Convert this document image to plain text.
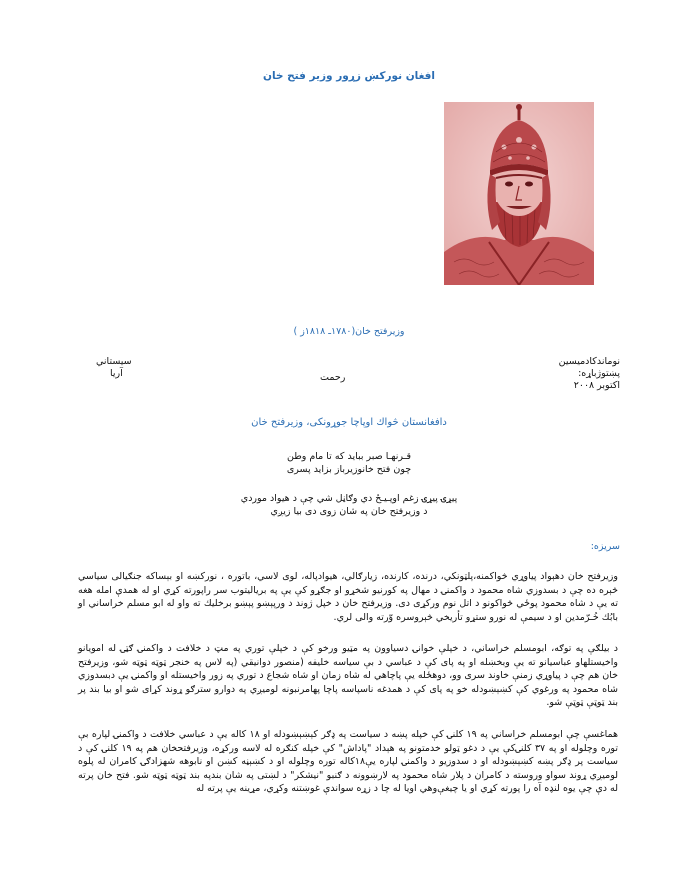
افغان نوركښ زړور وزير فتح خان
وزيرفتح خان(۱۷۸۰ـ ۱۸۱۸ز )
نوماندكادميسين
پښتوژباړه:
اكتوبر ۲۰۰۸
سيستاني
آريا	رحمت
دافغانستان څواك اوپاچا جوړونكى، وزيرفتح خان
قـرنهـا صبر ببايد كه تا مام وطن
چون فتح خانوزيرباز بزايد پسرى
پيړۍ پيړۍ زغم اوپـيـځ دي وګاڼل شي چې د هيواد موردي
د وزيرفتح خان په شان زوی دی بيا زيږي
سريزه:

وزيرفتح خان دهېواد پياوړي څواكمنه،پلټونكي، درنده، كارنده، زيارګالي، هيوادپاله، لوی لاسي، باتوره ، نوركښه او بېساكه جنګيالی سياسي څېره ده چې د بسدوزي شاه محمود د واكمنۍ د مهال په كورنيو شخړو او جګړو كې يې په بريالیتوب سر راپورته كړي او له همدې امله هغه ته يې د شاه محمود پوځي څواكونو د اتل نوم وركړی دی. وزيرفتح خان د خپل ژوند د ورپېښو پېښو برخليك ته واو له ابو مسلم خراساني او بابُك خُـرّمدين او د سيمې له نورو ستړو تأريخي څېروسره وّرته والی لري.

د بيلګې په توګه، ابومسلم خراساني، د خپلې خوانۍ دسياوون په مټيو ورخو كې د خپلې توري په مټ د خلافت د واكمنۍ ګټۍ له امويانو واخيستلهاو عباسيانو ته يې وبخښله او په پای كې د عباسي د بې سياسه خليفه (منصور دوانيقي (په لاس په خنجر ټوټه ټوټه شو، وزيرفتح خان هم چې د پياوړي زمنې خاوند سری وو، دوهځله يې پاچاهي له شاه زمان او شاه شجاع د توري په زور واخيستله او واكمنۍ يې دبسدوزي شاه محمود په ورغوي كې كښېښودله خو په پای كې د همدغه ناسپاسه پاچا پهامرنبونه لوميږي په دوارو سترګو ړوند كړای شو او بيا بند پر بند ټوټې ټوټې شو.

هماغسې چې ابومسلم خراساني په ۱۹ كلنۍ كې خپله پښه د سياست په ډګر كېښېښودله او ۱۸ كاله يې د عباسي خلافت د واكمنۍ لپاره بې توره وچلوله او په ۳۷ كلنۍكې يې د دغو ټولو خدمتونو په هېداد "پاداش" كې خپله كنګره له لاسه وركړه، وزيرفتحخان هم په ۱۹ كلنۍ كې د سياست پر ډګر پښه كښېښودله او د سدوزيو د واكمنۍ لپاره يې۱۸كاله توره وچلوله او د كښېڼه كښن او نابوهه شهزادګۍ كامران له پلوه لوميږي ړوند سواو وروسته د كامران د پلار شاه محمود په لارښوونه د ګنبو "نيشكر" د لښتی په شان بندپه بند ټوټه ټوټه شو. فتح خان پرته له دې چې يوه لنډه آه را پورته كړي او يا چيغې‌وهي اويا له چا د زړه سواندې غوښتنه وكړي، مړينه يې پرته له
